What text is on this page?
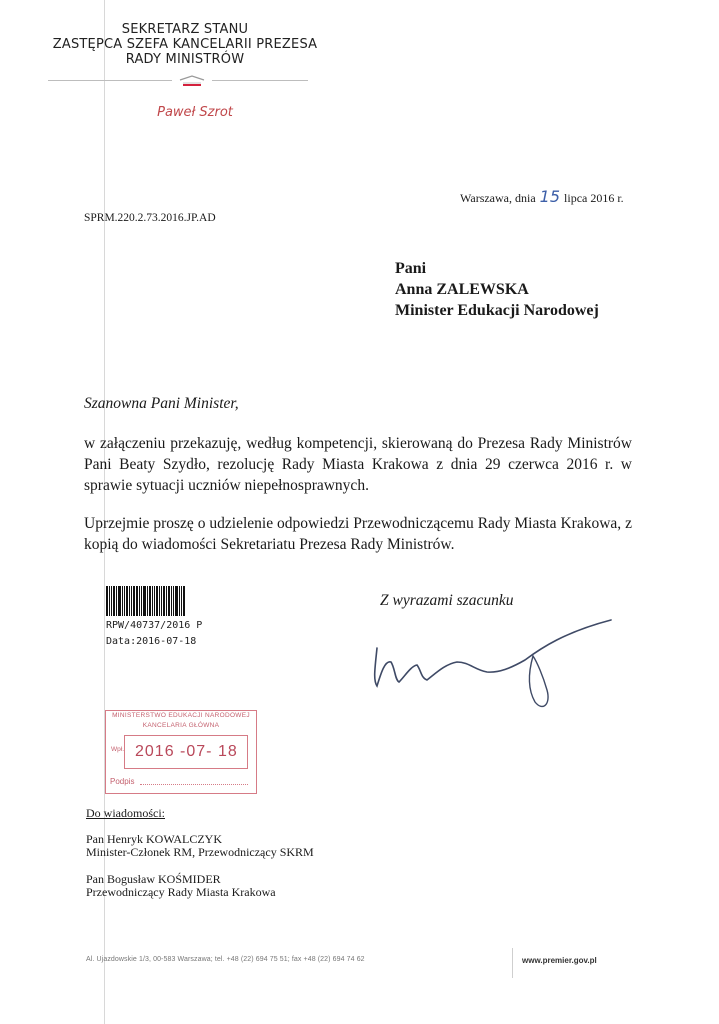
SEKRETARZ STANU
ZASTĘPCA SZEFA KANCELARII PREZESA
RADY MINISTRÓW
Paweł Szrot
Warszawa, dnia 15 lipca 2016 r.
SPRM.220.2.73.2016.JP.AD
Pani
Anna ZALEWSKA
Minister Edukacji Narodowej
Szanowna Pani Minister,
w załączeniu przekazuję, według kompetencji, skierowaną do Prezesa Rady Ministrów Pani Beaty Szydło, rezolucję Rady Miasta Krakowa z dnia 29 czerwca 2016 r. w sprawie sytuacji uczniów niepełnosprawnych.
Uprzejmie proszę o udzielenie odpowiedzi Przewodniczącemu Rady Miasta Krakowa, z kopią do wiadomości Sekretariatu Prezesa Rady Ministrów.
RPW/40737/2016 P
Data:2016-07-18
Z wyrazami szacunku
MINISTERSTWO EDUKACJI NARODOWEJ
KANCELARIA GŁÓWNA
Wpł. 2016 -07- 18
Podpis
Do wiadomości:
Pan Henryk KOWALCZYK
Minister-Członek RM, Przewodniczący SKRM
Pan Bogusław KOŚMIDER
Przewodniczący Rady Miasta Krakowa
Al. Ujazdowskie 1/3, 00-583 Warszawa; tel. +48 (22) 694 75 51; fax +48 (22) 694 74 62	www.premier.gov.pl
